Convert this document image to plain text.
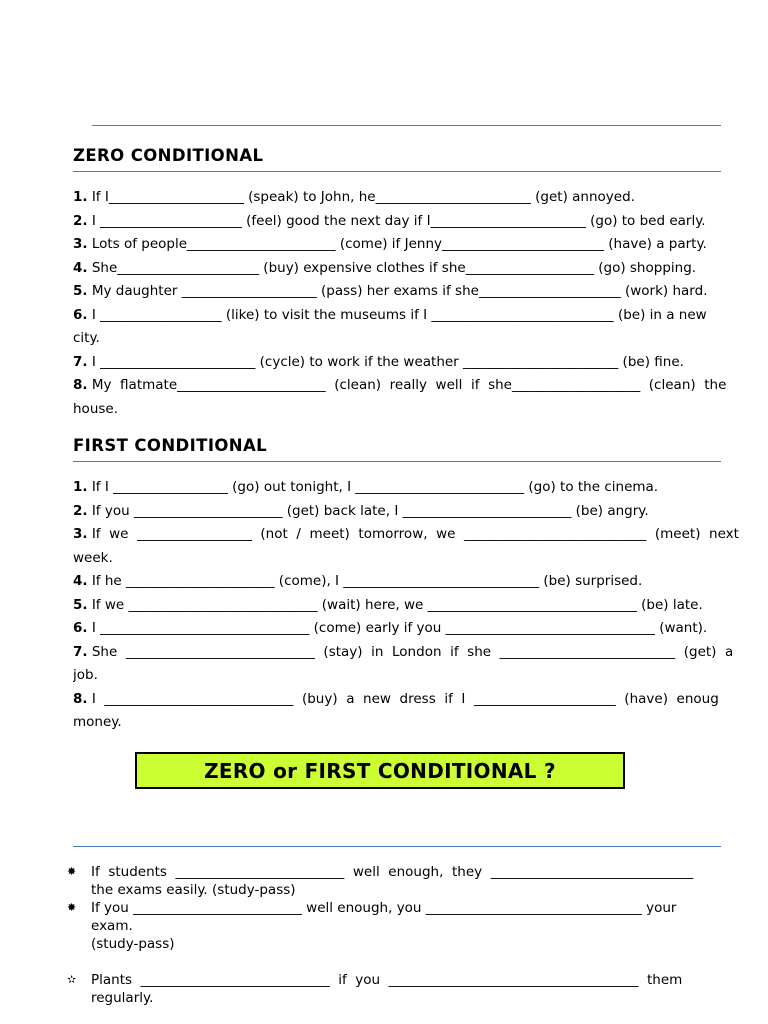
ZERO CONDITIONAL
1. If I____________________ (speak) to John, he_______________________ (get) annoyed.
2. I _____________________ (feel) good the next day if I_______________________ (go) to bed early.
3. Lots of people______________________ (come) if Jenny________________________ (have) a party.
4. She_____________________ (buy) expensive clothes if she___________________ (go) shopping.
5. My daughter ____________________ (pass) her exams if she_____________________ (work) hard.
6. I __________________ (like) to visit the museums if I ___________________________ (be) in a new
city.
7. I _______________________ (cycle) to work if the weather _______________________ (be) fine.
8. My  flatmate______________________  (clean)  really  well  if  she___________________  (clean)  the
house.
FIRST CONDITIONAL
1. If I _________________ (go) out tonight, I _________________________ (go) to the cinema.
2. If you ______________________ (get) back late, I _________________________ (be) angry.
3. If  we  _________________  (not  /  meet)  tomorrow,  we  ___________________________  (meet)  next
week.
4. If he ______________________ (come), I _____________________________ (be) surprised.
5. If we ____________________________ (wait) here, we _______________________________ (be) late.
6. I _______________________________ (come) early if you _______________________________ (want).
7. She  ____________________________  (stay)  in  London  if  she  __________________________  (get)  a
job.
8. I  ____________________________  (buy)  a  new  dress  if  I  _____________________  (have)  enoug
money.
ZERO or FIRST CONDITIONAL ?
✸	If  students  _________________________  well  enough,  they  ______________________________
the exams easily. (study-pass)
✸	If you _________________________ well enough, you ________________________________ your
exam.
(study-pass)
✫	Plants  ____________________________  if  you  _____________________________________  them
regularly.
